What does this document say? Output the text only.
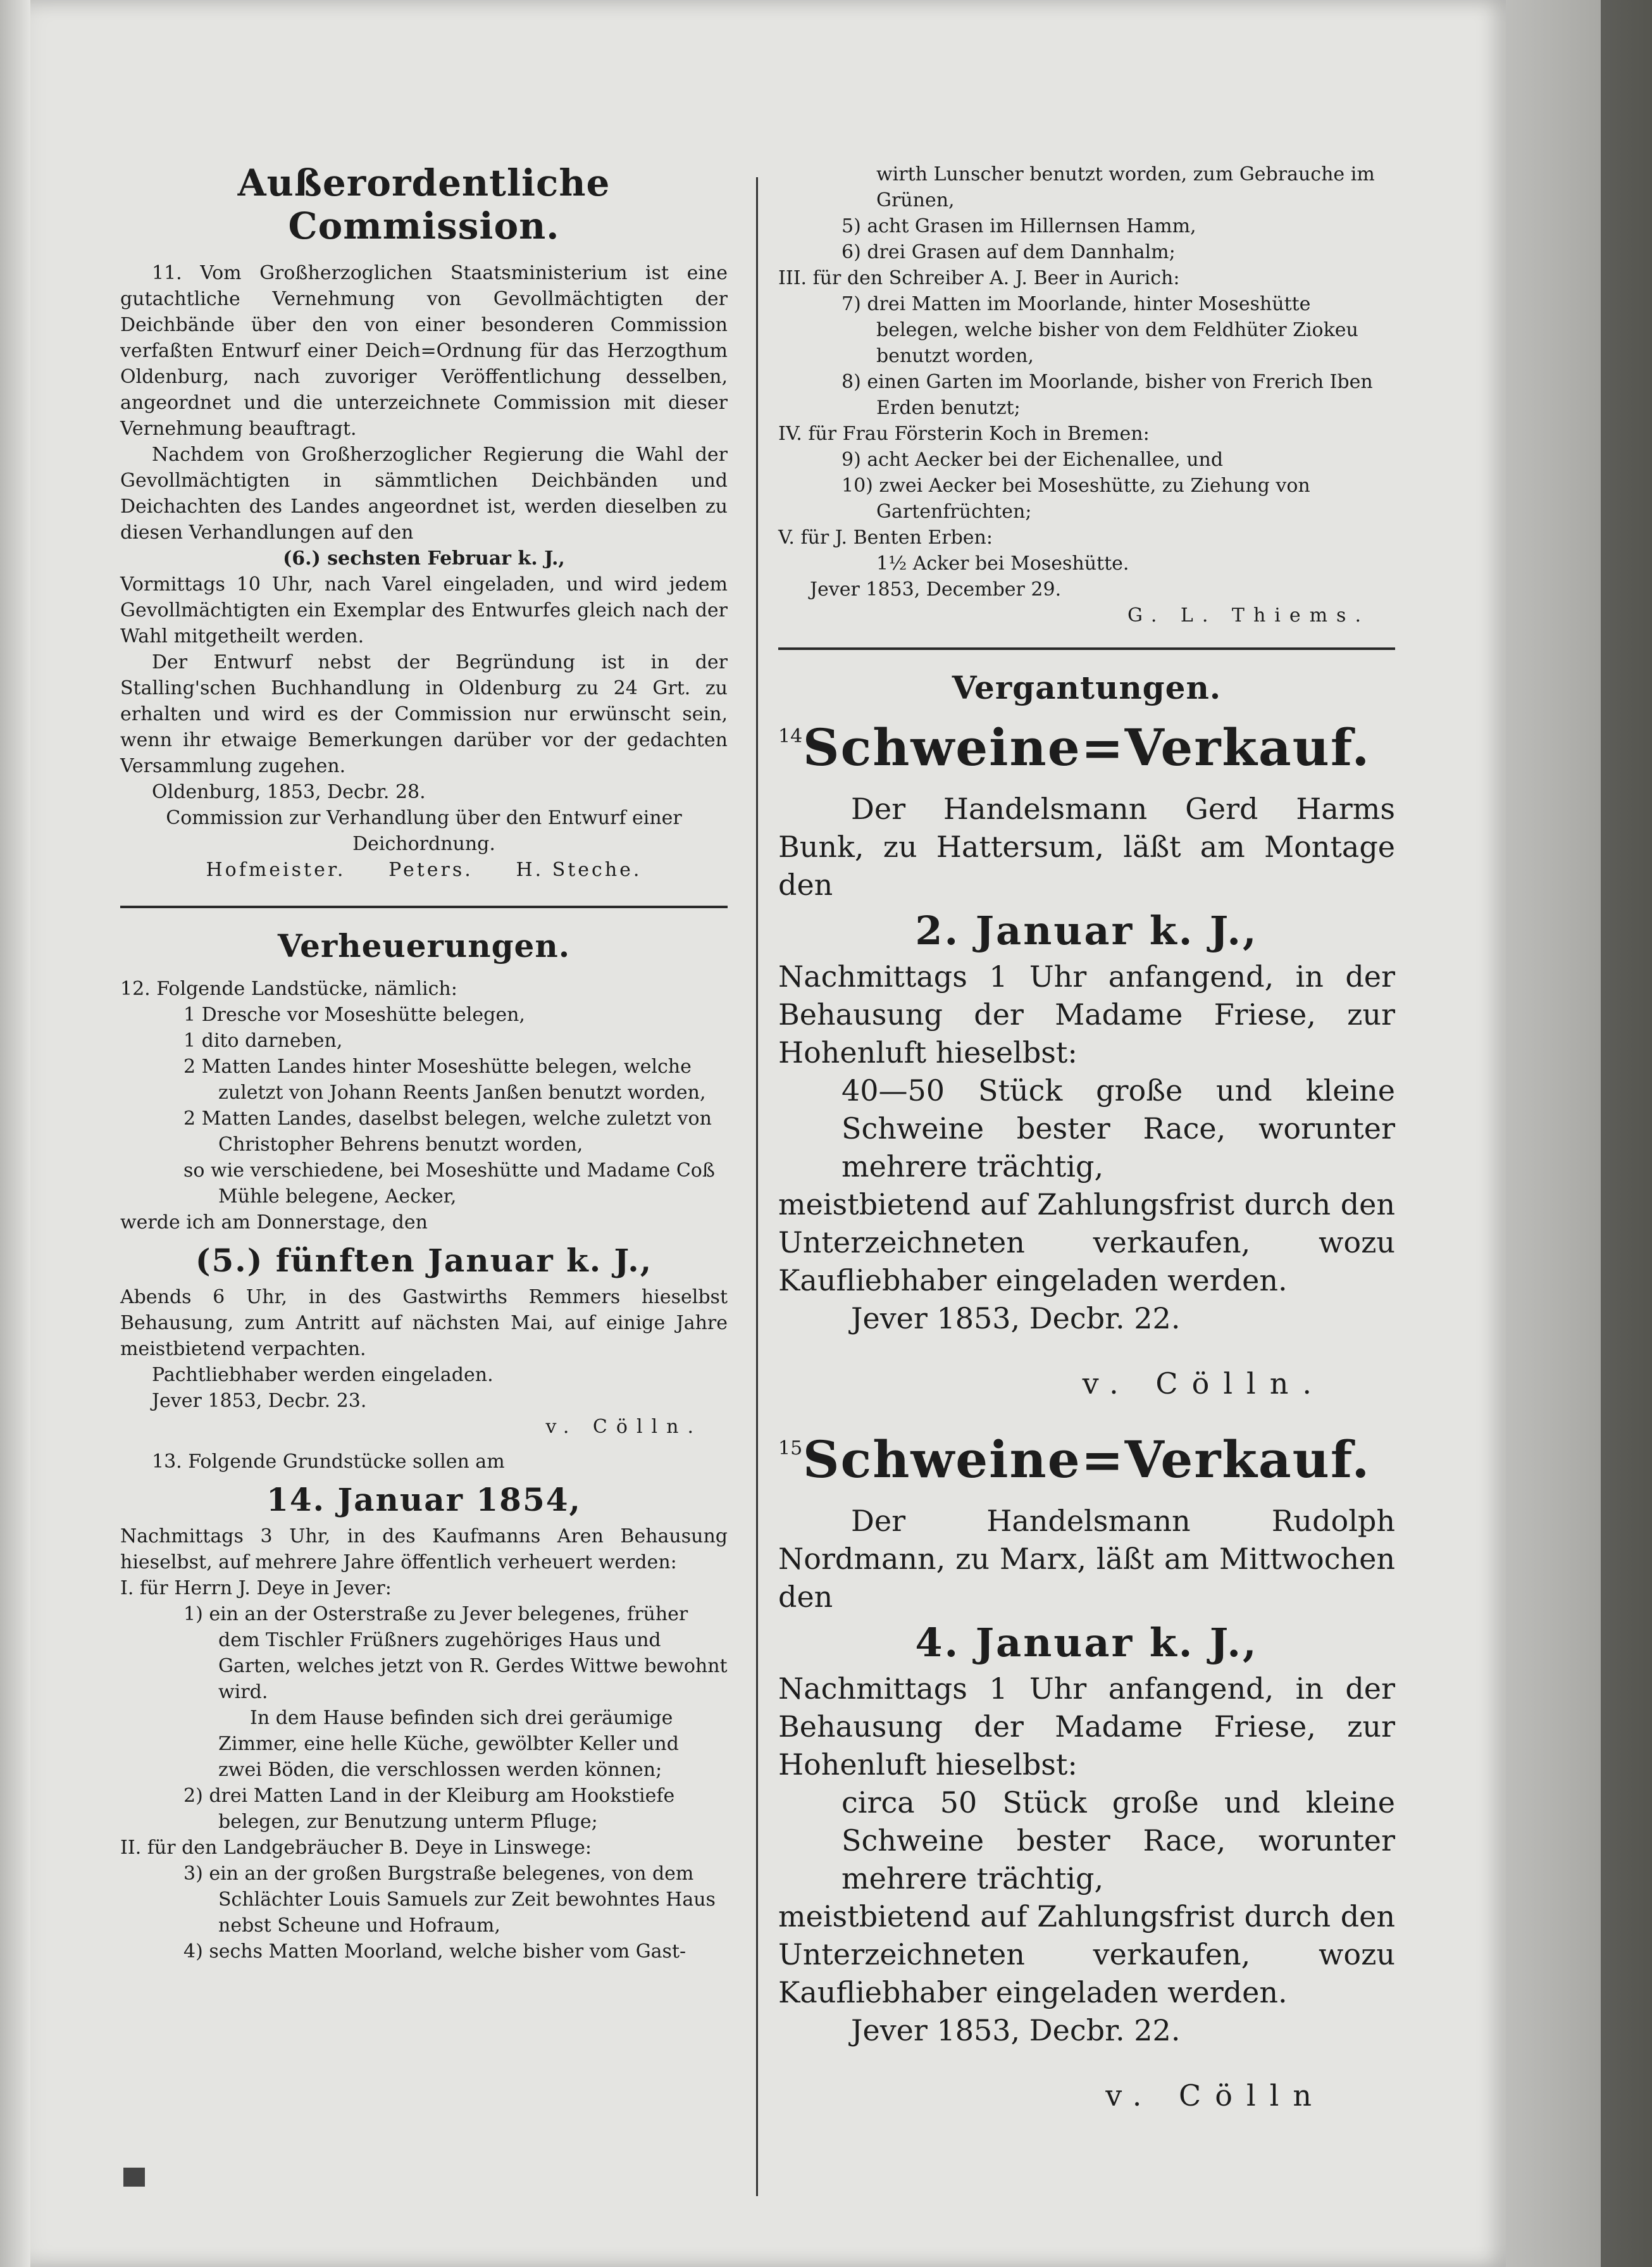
Außerordentliche Commission.

11. Vom Großherzoglichen Staatsministerium ist eine gutachtliche Vernehmung von Gevollmächtigten der Deichbände über den von einer besonderen Commission verfaßten Entwurf einer Deich=Ordnung für das Herzogthum Oldenburg, nach zuvoriger Veröffentlichung desselben, angeordnet und die unterzeichnete Commission mit dieser Vernehmung beauftragt.

Nachdem von Großherzoglicher Regierung die Wahl der Gevollmächtigten in sämmtlichen Deichbänden und Deichachten des Landes angeordnet ist, werden dieselben zu diesen Verhandlungen auf den

(6.) sechsten Februar k. J.,

Vormittags 10 Uhr, nach Varel eingeladen, und wird jedem Gevollmächtigten ein Exemplar des Entwurfes gleich nach der Wahl mitgetheilt werden.

Der Entwurf nebst der Begründung ist in der Stalling'schen Buchhandlung in Oldenburg zu 24 Grt. zu erhalten und wird es der Commission nur erwünscht sein, wenn ihr etwaige Bemerkungen darüber vor der gedachten Versammlung zugehen.

Oldenburg, 1853, Decbr. 28.

Commission zur Verhandlung über den Entwurf einer

Deichordnung.

Hofmeister.     Peters.     H. Steche.

Verheuerungen.

12. Folgende Landstücke, nämlich:

1 Dresche vor Moseshütte belegen,

1 dito darneben,

2 Matten Landes hinter Moseshütte belegen, welche zuletzt von Johann Reents Janßen benutzt worden,

2 Matten Landes, daselbst belegen, welche zuletzt von Christopher Behrens benutzt worden,

so wie verschiedene, bei Moseshütte und Madame Coß Mühle belegene, Aecker,

werde ich am Donnerstage, den

(5.) fünften Januar k. J.,

Abends 6 Uhr, in des Gastwirths Remmers hieselbst Behausung, zum Antritt auf nächsten Mai, auf einige Jahre meistbietend verpachten.

Pachtliebhaber werden eingeladen.

Jever 1853, Decbr. 23.

v. Cölln.

13. Folgende Grundstücke sollen am

14. Januar 1854,

Nachmittags 3 Uhr, in des Kaufmanns Aren Behausung hieselbst, auf mehrere Jahre öffentlich verheuert werden:

I. für Herrn J. Deye in Jever:

1) ein an der Osterstraße zu Jever belegenes, früher dem Tischler Früßners zugehöriges Haus und Garten, welches jetzt von R. Gerdes Wittwe bewohnt wird.

In dem Hause befinden sich drei geräumige Zimmer, eine helle Küche, gewölbter Keller und zwei Böden, die verschlossen werden können;

2) drei Matten Land in der Kleiburg am Hookstiefe belegen, zur Benutzung unterm Pfluge;

II. für den Landgebräucher B. Deye in Linswege:

3) ein an der großen Burgstraße belegenes, von dem Schlächter Louis Samuels zur Zeit bewohntes Haus nebst Scheune und Hofraum,

4) sechs Matten Moorland, welche bisher vom Gast-

wirth Lunscher benutzt worden, zum Gebrauche im Grünen,

5) acht Grasen im Hillernsen Hamm,

6) drei Grasen auf dem Dannhalm;

III. für den Schreiber A. J. Beer in Aurich:

7) drei Matten im Moorlande, hinter Moseshütte belegen, welche bisher von dem Feldhüter Ziokeu benutzt worden,

8) einen Garten im Moorlande, bisher von Frerich Iben Erden benutzt;

IV. für Frau Försterin Koch in Bremen:

9) acht Aecker bei der Eichenallee, und

10) zwei Aecker bei Moseshütte, zu Ziehung von Gartenfrüchten;

V. für J. Benten Erben:

1½ Acker bei Moseshütte.

Jever 1853, December 29.

G. L. Thiems.

Vergantungen.
14 Schweine=Verkauf.

Der Handelsmann Gerd Harms Bunk, zu Hattersum, läßt am Montage den

2. Januar k. J.,

Nachmittags 1 Uhr anfangend, in der Behausung der Madame Friese, zur Hohenluft hieselbst:

40—50 Stück große und kleine Schweine bester Race, worunter mehrere trächtig,

meistbietend auf Zahlungsfrist durch den Unterzeichneten verkaufen, wozu Kaufliebhaber eingeladen werden.

Jever 1853, Decbr. 22.

v. Cölln.

15 Schweine=Verkauf.

Der Handelsmann Rudolph Nordmann, zu Marx, läßt am Mittwochen den

4. Januar k. J.,

Nachmittags 1 Uhr anfangend, in der Behausung der Madame Friese, zur Hohenluft hieselbst:

circa 50 Stück große und kleine Schweine bester Race, worunter mehrere trächtig,

meistbietend auf Zahlungsfrist durch den Unterzeichneten verkaufen, wozu Kaufliebhaber eingeladen werden.

Jever 1853, Decbr. 22.

v. Cölln
